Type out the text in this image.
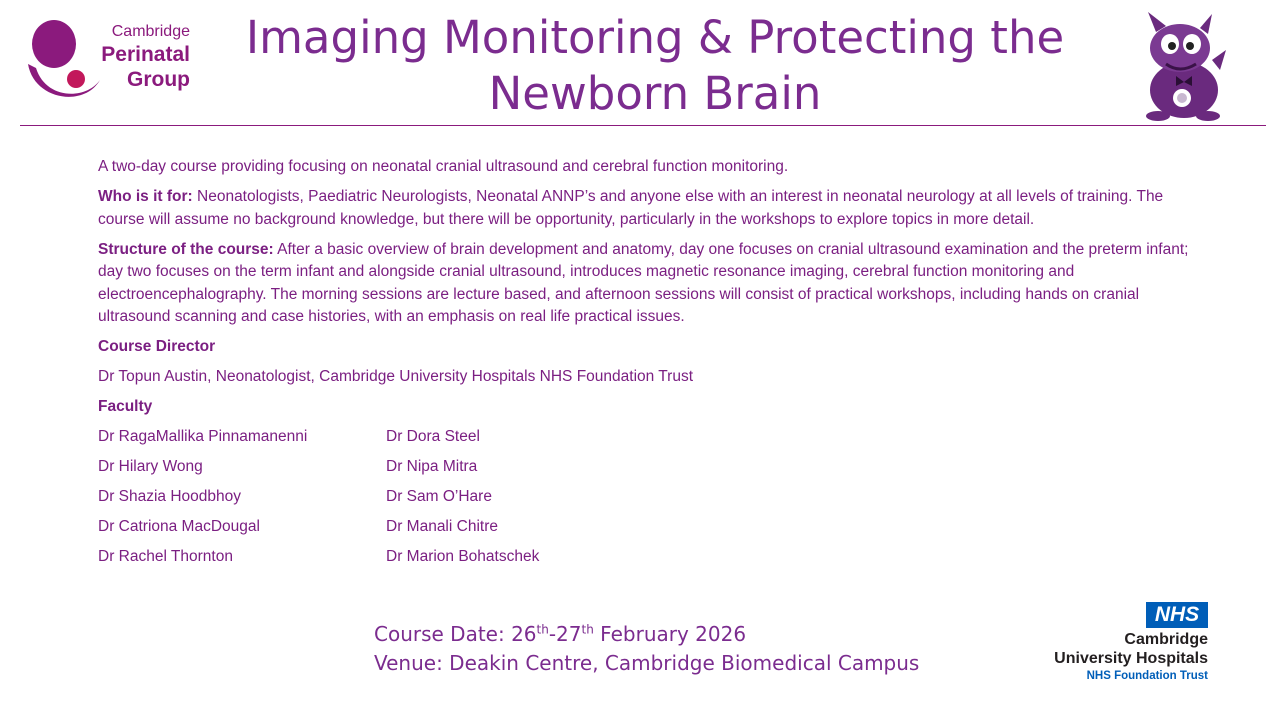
Cambridge
Perinatal
Group
Imaging Monitoring & Protecting the Newborn Brain

A two-day course providing focusing on neonatal cranial ultrasound and cerebral function monitoring.

Who is it for: Neonatologists, Paediatric Neurologists, Neonatal ANNP’s and anyone else with an interest in neonatal neurology at all levels of training. The course will assume no background knowledge, but there will be opportunity, particularly in the workshops to explore topics in more detail.

Structure of the course: After a basic overview of brain development and anatomy, day one focuses on cranial ultrasound examination and the preterm infant; day two focuses on the term infant and alongside cranial ultrasound, introduces magnetic resonance imaging, cerebral function monitoring and electroencephalography. The morning sessions are lecture based, and afternoon sessions will consist of practical workshops, including hands on cranial ultrasound scanning and case histories, with an emphasis on real life practical issues.

Course Director

Dr Topun Austin, Neonatologist, Cambridge University Hospitals NHS Foundation Trust

Faculty

Dr RagaMallika Pinnamanenni	Dr Dora Steel
Dr Hilary Wong	Dr Nipa Mitra
Dr Shazia Hoodbhoy	Dr Sam O’Hare
Dr Catriona MacDougal	Dr Manali Chitre
Dr Rachel Thornton	Dr Marion Bohatschek
Course Date: 26th-27th February 2026
Venue: Deakin Centre, Cambridge Biomedical Campus
NHS
Cambridge
University Hospitals
NHS Foundation Trust
